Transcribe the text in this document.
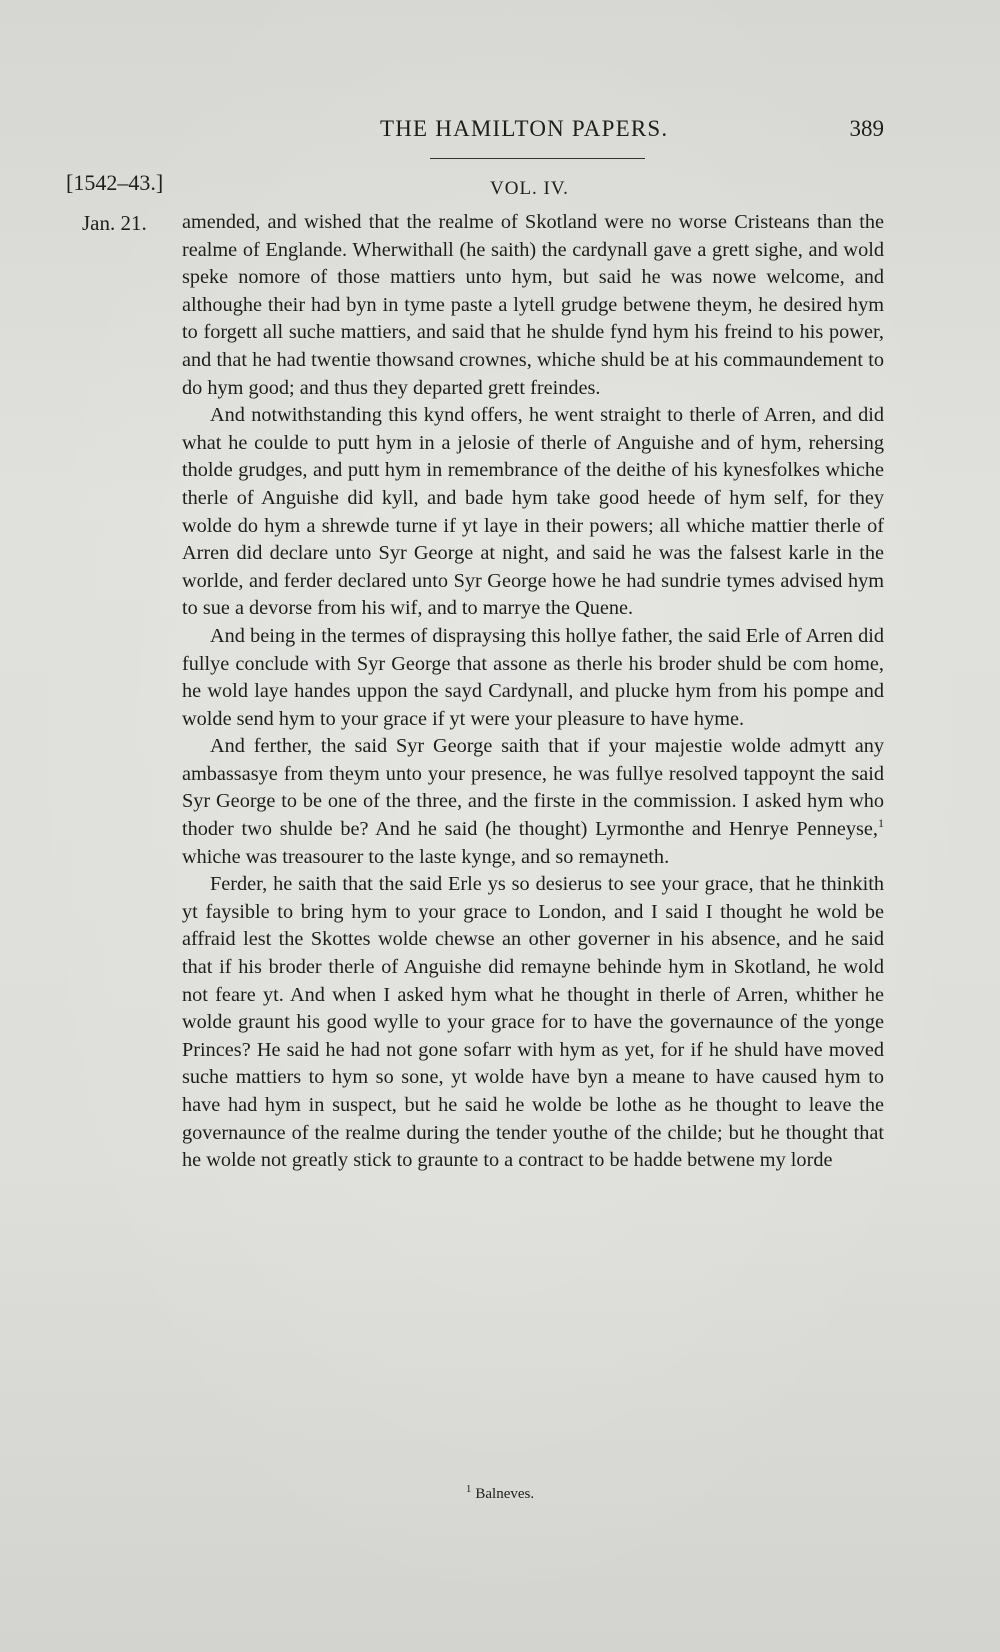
THE HAMILTON PAPERS.	389
[1542–43.]	VOL. IV.
Jan. 21. amended, and wished that the realme of Skotland were no worse Cristeans than the realme of Englande. Wherwithall (he saith) the cardynall gave a grett sighe, and wold speke nomore of those mattiers unto hym, but said he was nowe welcome, and althoughe their had byn in tyme paste a lytell grudge betwene theym, he desired hym to forgett all suche mattiers, and said that he shulde fynd hym his freind to his power, and that he had twentie thowsand crownes, whiche shuld be at his commaundement to do hym good; and thus they departed grett freindes.

And notwithstanding this kynd offers, he went straight to therle of Arren, and did what he coulde to putt hym in a jelosie of therle of Anguishe and of hym, rehersing tholde grudges, and putt hym in remembrance of the deithe of his kynesfolkes whiche therle of Anguishe did kyll, and bade hym take good heede of hym self, for they wolde do hym a shrewde turne if yt laye in their powers; all whiche mattier therle of Arren did declare unto Syr George at night, and said he was the falsest karle in the worlde, and ferder declared unto Syr George howe he had sundrie tymes advised hym to sue a devorse from his wif, and to marrye the Quene.

And being in the termes of dispraysing this hollye father, the said Erle of Arren did fullye conclude with Syr George that assone as therle his broder shuld be com home, he wold laye handes uppon the sayd Cardynall, and plucke hym from his pompe and wolde send hym to your grace if yt were your pleasure to have hyme.

And ferther, the said Syr George saith that if your majestie wolde admytt any ambassasye from theym unto your presence, he was fullye resolved tappoynt the said Syr George to be one of the three, and the firste in the commission. I asked hym who thoder two shulde be? And he said (he thought) Lyrmonthe and Henrye Penneyse,$^1$ whiche was treasourer to the laste kynge, and so remayneth.

Ferder, he saith that the said Erle ys so desierus to see your grace, that he thinkith yt faysible to bring hym to your grace to London, and I said I thought he wold be affraid lest the Skottes wolde chewse an other governer in his absence, and he said that if his broder therle of Anguishe did remayne behinde hym in Skotland, he wold not feare yt. And when I asked hym what he thought in therle of Arren, whither he wolde graunt his good wylle to your grace for to have the governaunce of the yonge Princes? He said he had not gone sofarr with hym as yet, for if he shuld have moved suche mattiers to hym so sone, yt wolde have byn a meane to have caused hym to have had hym in suspect, but he said he wolde be lothe as he thought to leave the governaunce of the realme during the tender youthe of the childe; but he thought that he wolde not greatly stick to graunte to a contract to be hadde betwene my lorde

$^1$ Balneves.
